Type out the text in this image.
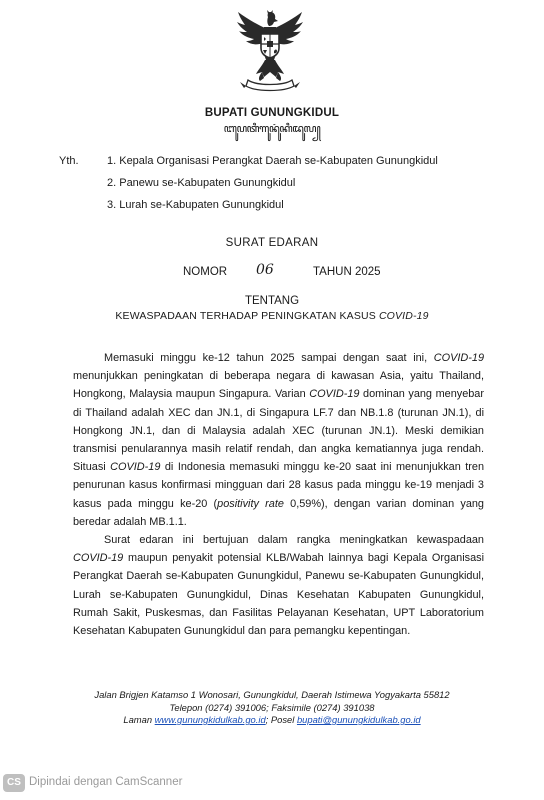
BUPATI GUNUNGKIDUL
ꦧꦸꦥꦠꦶꦒꦸꦤꦸꦁꦏꦶꦢꦸꦭ꧀
Yth.	1. Kepala Organisasi Perangkat Daerah se-Kabupaten Gunungkidul
2. Panewu se-Kabupaten Gunungkidul
3. Lurah se-Kabupaten Gunungkidul
SURAT EDARAN
NOMOR 06	TAHUN 2025
TENTANG
KEWASPADAAN TERHADAP PENINGKATAN KASUS COVID-19
Memasuki minggu ke-12 tahun 2025 sampai dengan saat ini, COVID-19
menunjukkan peningkatan di beberapa negara di kawasan Asia, yaitu Thailand,
Hongkong, Malaysia maupun Singapura. Varian COVID-19 dominan yang menyebar
di Thailand adalah XEC dan JN.1, di Singapura LF.7 dan NB.1.8 (turunan JN.1), di
Hongkong JN.1, dan di Malaysia adalah XEC (turunan JN.1). Meski demikian
transmisi penularannya masih relatif rendah, dan angka kematiannya juga rendah.
Situasi COVID-19 di Indonesia memasuki minggu ke-20 saat ini menunjukkan tren
penurunan kasus konfirmasi mingguan dari 28 kasus pada minggu ke-19 menjadi 3
kasus pada minggu ke-20 (positivity rate 0,59%), dengan varian dominan yang
beredar adalah MB.1.1.
Surat edaran ini bertujuan dalam rangka meningkatkan kewaspadaan
COVID-19 maupun penyakit potensial KLB/Wabah lainnya bagi Kepala Organisasi
Perangkat Daerah se-Kabupaten Gunungkidul, Panewu se-Kabupaten Gunungkidul,
Lurah se-Kabupaten Gunungkidul, Dinas Kesehatan Kabupaten Gunungkidul,
Rumah Sakit, Puskesmas, dan Fasilitas Pelayanan Kesehatan, UPT Laboratorium
Kesehatan Kabupaten Gunungkidul dan para pemangku kepentingan.
Jalan Brigjen Katamso 1 Wonosari, Gunungkidul, Daerah Istimewa Yogyakarta 55812
Telepon (0274) 391006; Faksimile (0274) 391038
Laman www.gunungkidulkab.go.id; Posel bupati@gunungkidulkab.go.id
CS Dipindai dengan CamScanner
